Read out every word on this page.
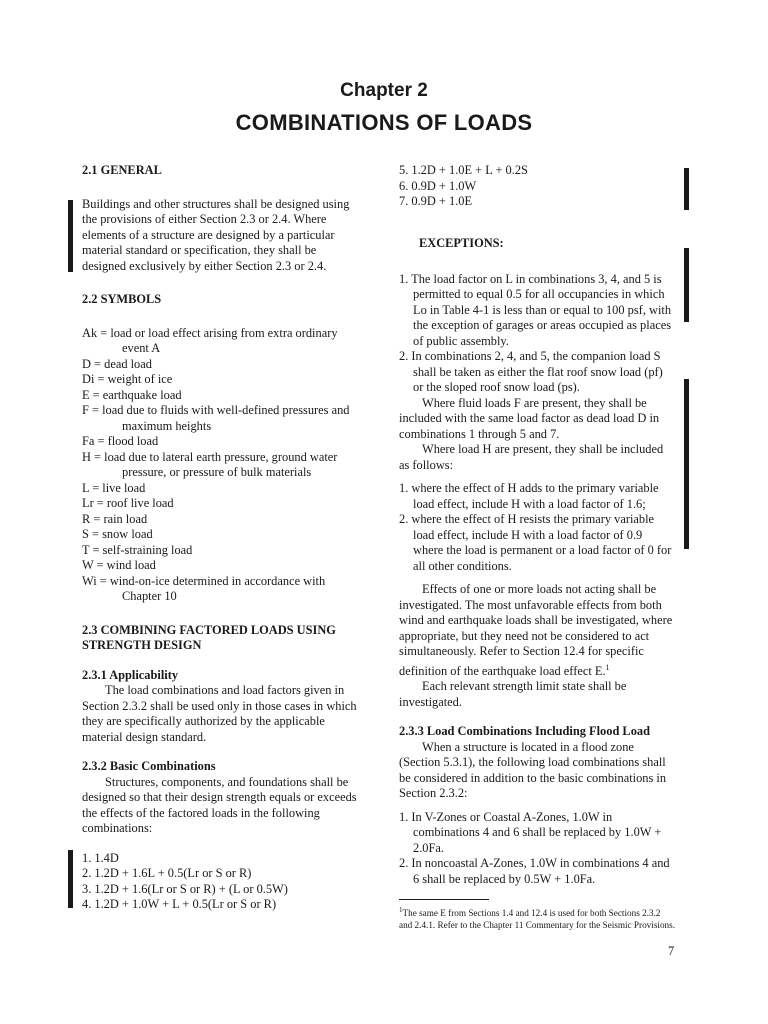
Chapter 2
COMBINATIONS OF LOADS

2.1 GENERAL

Buildings and other structures shall be designed using the provisions of either Section 2.3 or 2.4. Where elements of a structure are designed by a particular material standard or specification, they shall be designed exclusively by either Section 2.3 or 2.4.

2.2 SYMBOLS

Ak = load or load effect arising from extra ordinary event A
D = dead load
Di = weight of ice
E = earthquake load
F = load due to fluids with well-defined pressures and maximum heights
Fa = flood load
H = load due to lateral earth pressure, ground water pressure, or pressure of bulk materials
L = live load
Lr = roof live load
R = rain load
S = snow load
T = self-straining load
W = wind load
Wi = wind-on-ice determined in accordance with Chapter 10

2.3 COMBINING FACTORED LOADS USING STRENGTH DESIGN

2.3.1 Applicability

The load combinations and load factors given in Section 2.3.2 shall be used only in those cases in which they are specifically authorized by the applicable material design standard.

2.3.2 Basic Combinations

Structures, components, and foundations shall be designed so that their design strength equals or exceeds the effects of the factored loads in the following combinations:

1. 1.4D
2. 1.2D + 1.6L + 0.5(Lr or S or R)
3. 1.2D + 1.6(Lr or S or R) + (L or 0.5W)
4. 1.2D + 1.0W + L + 0.5(Lr or S or R)
5. 1.2D + 1.0E + L + 0.2S
6. 0.9D + 1.0W
7. 0.9D + 1.0E

EXCEPTIONS:

1. The load factor on L in combinations 3, 4, and 5 is permitted to equal 0.5 for all occupancies in which Lo in Table 4-1 is less than or equal to 100 psf, with the exception of garages or areas occupied as places of public assembly.
2. In combinations 2, 4, and 5, the companion load S shall be taken as either the flat roof snow load (pf) or the sloped roof snow load (ps).

Where fluid loads F are present, they shall be included with the same load factor as dead load D in combinations 1 through 5 and 7.

Where load H are present, they shall be included as follows:

1. where the effect of H adds to the primary variable load effect, include H with a load factor of 1.6;
2. where the effect of H resists the primary variable load effect, include H with a load factor of 0.9 where the load is permanent or a load factor of 0 for all other conditions.

Effects of one or more loads not acting shall be investigated. The most unfavorable effects from both wind and earthquake loads shall be investigated, where appropriate, but they need not be considered to act simultaneously. Refer to Section 12.4 for specific definition of the earthquake load effect E.$^1$

Each relevant strength limit state shall be investigated.

2.3.3 Load Combinations Including Flood Load

When a structure is located in a flood zone (Section 5.3.1), the following load combinations shall be considered in addition to the basic combinations in Section 2.3.2:

1. In V-Zones or Coastal A-Zones, 1.0W in combinations 4 and 6 shall be replaced by 1.0W + 2.0Fa.
2. In noncoastal A-Zones, 1.0W in combinations 4 and 6 shall be replaced by 0.5W + 1.0Fa.

$^1$The same E from Sections 1.4 and 12.4 is used for both Sections 2.3.2 and 2.4.1. Refer to the Chapter 11 Commentary for the Seismic Provisions.

7
